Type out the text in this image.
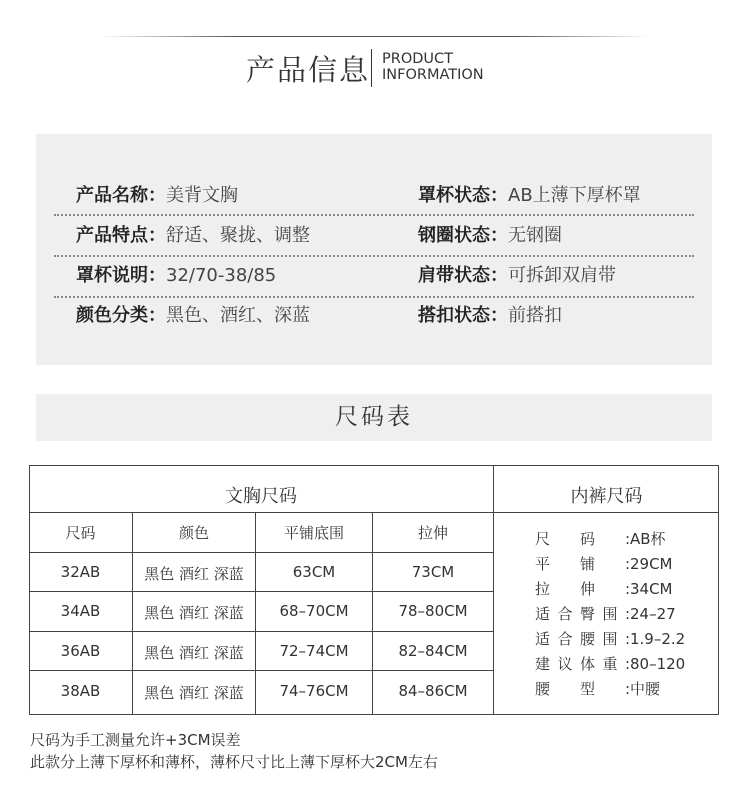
产品信息 PRODUCT
INFORMATION
产品名称：美背文胸	罩杯状态：AB上薄下厚杯罩
产品特点：舒适、聚拢、调整	钢圈状态：无钢圈
罩杯说明：32/70-38/85	肩带状态：可拆卸双肩带
颜色分类：黑色、酒红、深蓝	搭扣状态：前搭扣
尺码表
文胸尺码	内裤尺码
尺码	颜色	平铺底围	拉伸
32AB	黑色 酒红 深蓝	63CM	73CM
34AB	黑色 酒红 深蓝	68–70CM	78–80CM
36AB	黑色 酒红 深蓝	72–74CM	82–84CM
38AB	黑色 酒红 深蓝	74–76CM	84–86CM
尺码:AB杯
平铺:29CM
拉伸:34CM
适合臀围:24–27
适合腰围:1.9–2.2
建议体重:80–120
腰型:中腰
尺码为手工测量允许+3CM误差
此款分上薄下厚杯和薄杯，薄杯尺寸比上薄下厚杯大2CM左右
